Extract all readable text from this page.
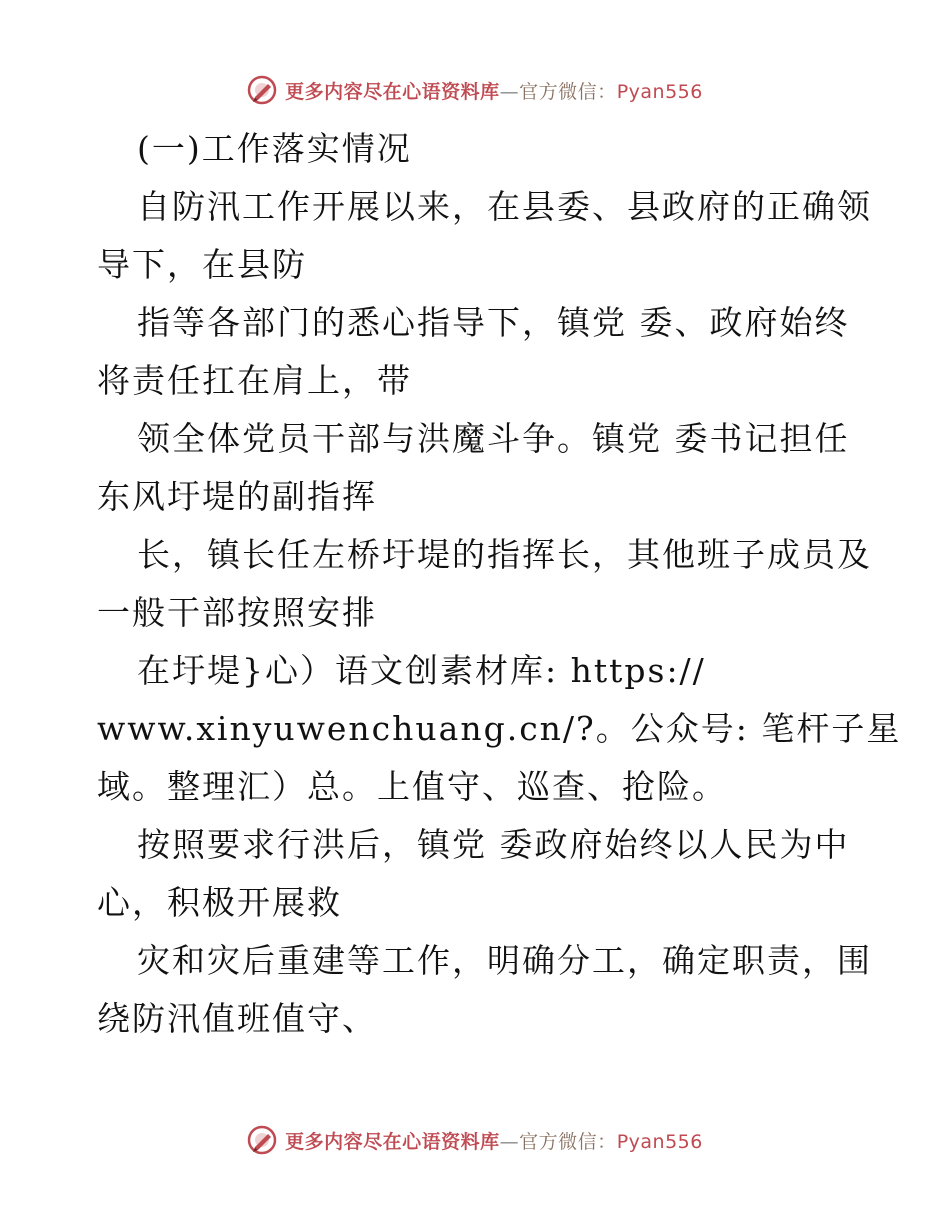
更多内容尽在心语资料库—官方微信：Pyan556
(一)工作落实情况
自防汛工作开展以来，在县委、县政府的正确领
导下，在县防
指等各部门的悉心指导下，镇党 委、政府始终
将责任扛在肩上，带
领全体党员干部与洪魔斗争。镇党 委书记担任
东风圩堤的副指挥
长，镇长任左桥圩堤的指挥长，其他班子成员及
一般干部按照安排
在圩堤}心）语文创素材库: https://
www.xinyuwenchuang.cn/?。公众号: 笔杆子星
域。整理汇）总。上值守、巡查、抢险。
按照要求行洪后，镇党 委政府始终以人民为中
心，积极开展救
灾和灾后重建等工作，明确分工，确定职责，围
绕防汛值班值守、
更多内容尽在心语资料库—官方微信：Pyan556
